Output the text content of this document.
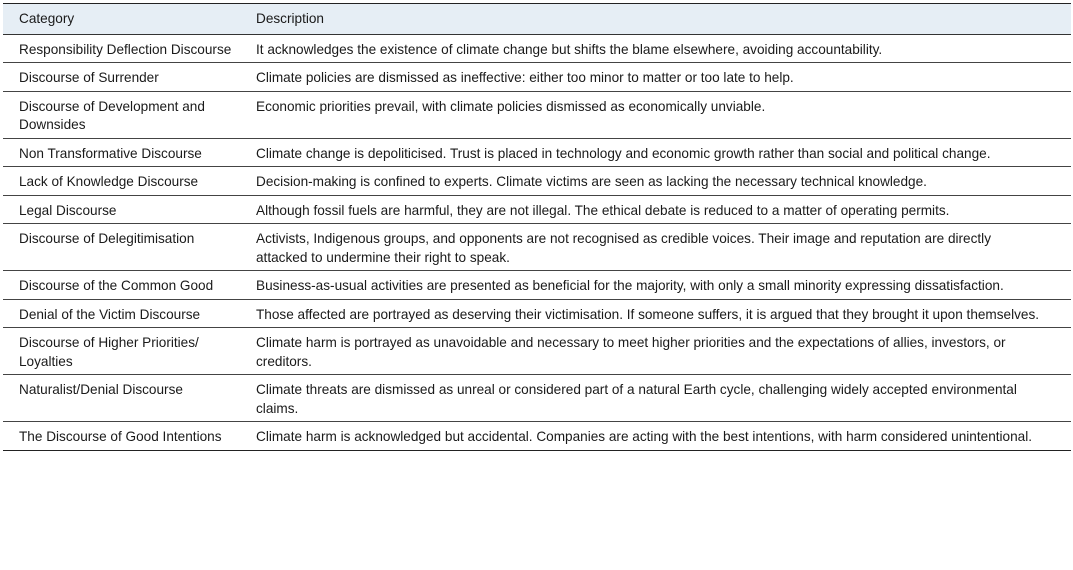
Category	Description
Responsibility Deflection Discourse	It acknowledges the existence of climate change but shifts the blame elsewhere, avoiding accountability.
Discourse of Surrender	Climate policies are dismissed as ineffective: either too minor to matter or too late to help.
Discourse of Development and Downsides	Economic priorities prevail, with climate policies dismissed as economically unviable.
Non Transformative Discourse	Climate change is depoliticised. Trust is placed in technology and economic growth rather than social and political change.
Lack of Knowledge Discourse	Decision-making is confined to experts. Climate victims are seen as lacking the necessary technical knowledge.
Legal Discourse	Although fossil fuels are harmful, they are not illegal. The ethical debate is reduced to a matter of operating permits.
Discourse of Delegitimisation	Activists, Indigenous groups, and opponents are not recognised as credible voices. Their image and reputation are directly attacked to undermine their right to speak.
Discourse of the Common Good	Business-as-usual activities are presented as beneficial for the majority, with only a small minority expressing dissatisfaction.
Denial of the Victim Discourse	Those affected are portrayed as deserving their victimisation. If someone suffers, it is argued that they brought it upon themselves.
Discourse of Higher Priorities/ Loyalties	Climate harm is portrayed as unavoidable and necessary to meet higher priorities and the expectations of allies, investors, or creditors.
Naturalist/Denial Discourse	Climate threats are dismissed as unreal or considered part of a natural Earth cycle, challenging widely accepted environmental claims.
The Discourse of Good Intentions	Climate harm is acknowledged but accidental. Companies are acting with the best intentions, with harm considered unintentional.
